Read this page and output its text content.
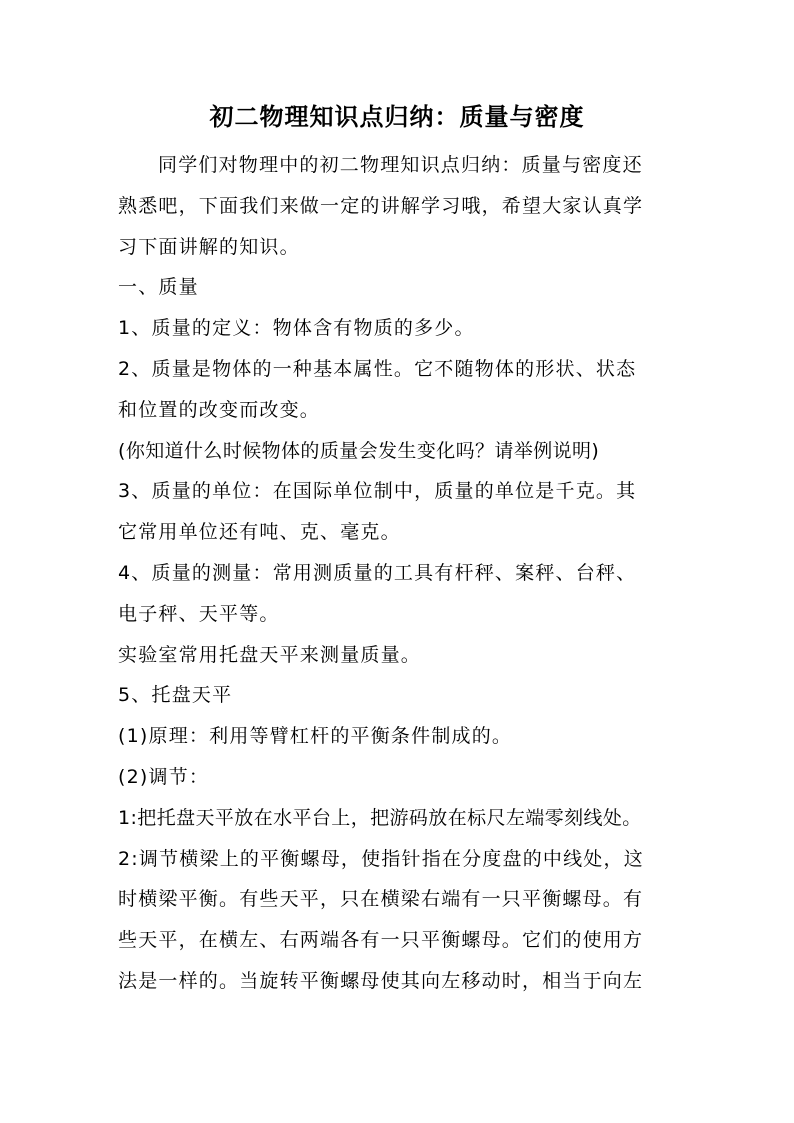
初二物理知识点归纳：质量与密度

同学们对物理中的初二物理知识点归纳：质量与密度还

熟悉吧，下面我们来做一定的讲解学习哦，希望大家认真学

习下面讲解的知识。

一、质量

1、质量的定义：物体含有物质的多少。

2、质量是物体的一种基本属性。它不随物体的形状、状态

和位置的改变而改变。

(你知道什么时候物体的质量会发生变化吗？请举例说明)

3、质量的单位：在国际单位制中，质量的单位是千克。其

它常用单位还有吨、克、毫克。

4、质量的测量：常用测质量的工具有杆秤、案秤、台秤、

电子秤、天平等。

实验室常用托盘天平来测量质量。

5、托盘天平

(1)原理：利用等臂杠杆的平衡条件制成的。

(2)调节：

1:把托盘天平放在水平台上，把游码放在标尺左端零刻线处。

2:调节横梁上的平衡螺母，使指针指在分度盘的中线处，这

时横梁平衡。有些天平，只在横梁右端有一只平衡螺母。有

些天平，在横左、右两端各有一只平衡螺母。它们的使用方

法是一样的。当旋转平衡螺母使其向左移动时，相当于向左
